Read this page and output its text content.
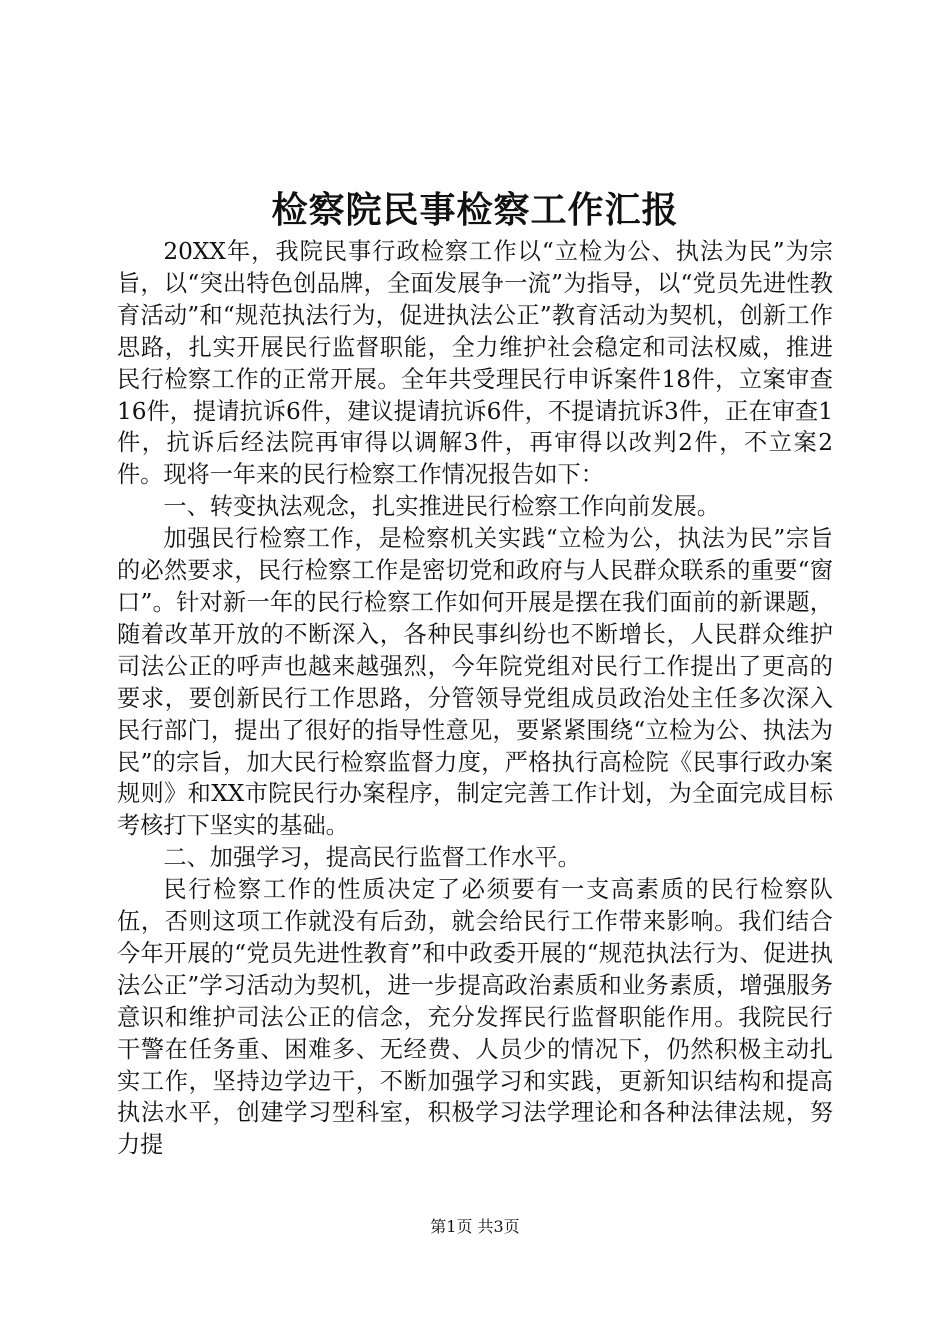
检察院民事检察工作汇报

20XX年，我院民事行政检察工作以“立检为公、执法为民”为宗旨，以“突出特色创品牌，全面发展争一流”为指导，以“党员先进性教育活动”和“规范执法行为，促进执法公正”教育活动为契机，创新工作思路，扎实开展民行监督职能，全力维护社会稳定和司法权威，推进民行检察工作的正常开展。全年共受理民行申诉案件18件，立案审查16件，提请抗诉6件，建议提请抗诉6件，不提请抗诉3件，正在审查1件，抗诉后经法院再审得以调解3件，再审得以改判2件，不立案2件。现将一年来的民行检察工作情况报告如下：

一、转变执法观念，扎实推进民行检察工作向前发展。

加强民行检察工作，是检察机关实践“立检为公，执法为民”宗旨的必然要求，民行检察工作是密切党和政府与人民群众联系的重要“窗口”。针对新一年的民行检察工作如何开展是摆在我们面前的新课题，随着改革开放的不断深入，各种民事纠纷也不断增长，人民群众维护司法公正的呼声也越来越强烈，今年院党组对民行工作提出了更高的要求，要创新民行工作思路，分管领导党组成员政治处主任多次深入民行部门，提出了很好的指导性意见，要紧紧围绕“立检为公、执法为民”的宗旨，加大民行检察监督力度，严格执行高检院《民事行政办案规则》和XX市院民行办案程序，制定完善工作计划，为全面完成目标考核打下坚实的基础。

二、加强学习，提高民行监督工作水平。

民行检察工作的性质决定了必须要有一支高素质的民行检察队伍，否则这项工作就没有后劲，就会给民行工作带来影响。我们结合今年开展的“党员先进性教育”和中政委开展的“规范执法行为、促进执法公正”学习活动为契机，进一步提高政治素质和业务素质，增强服务意识和维护司法公正的信念，充分发挥民行监督职能作用。我院民行干警在任务重、困难多、无经费、人员少的情况下，仍然积极主动扎实工作，坚持边学边干，不断加强学习和实践，更新知识结构和提高执法水平，创建学习型科室，积极学习法学理论和各种法律法规，努力提

第1页 共3页
